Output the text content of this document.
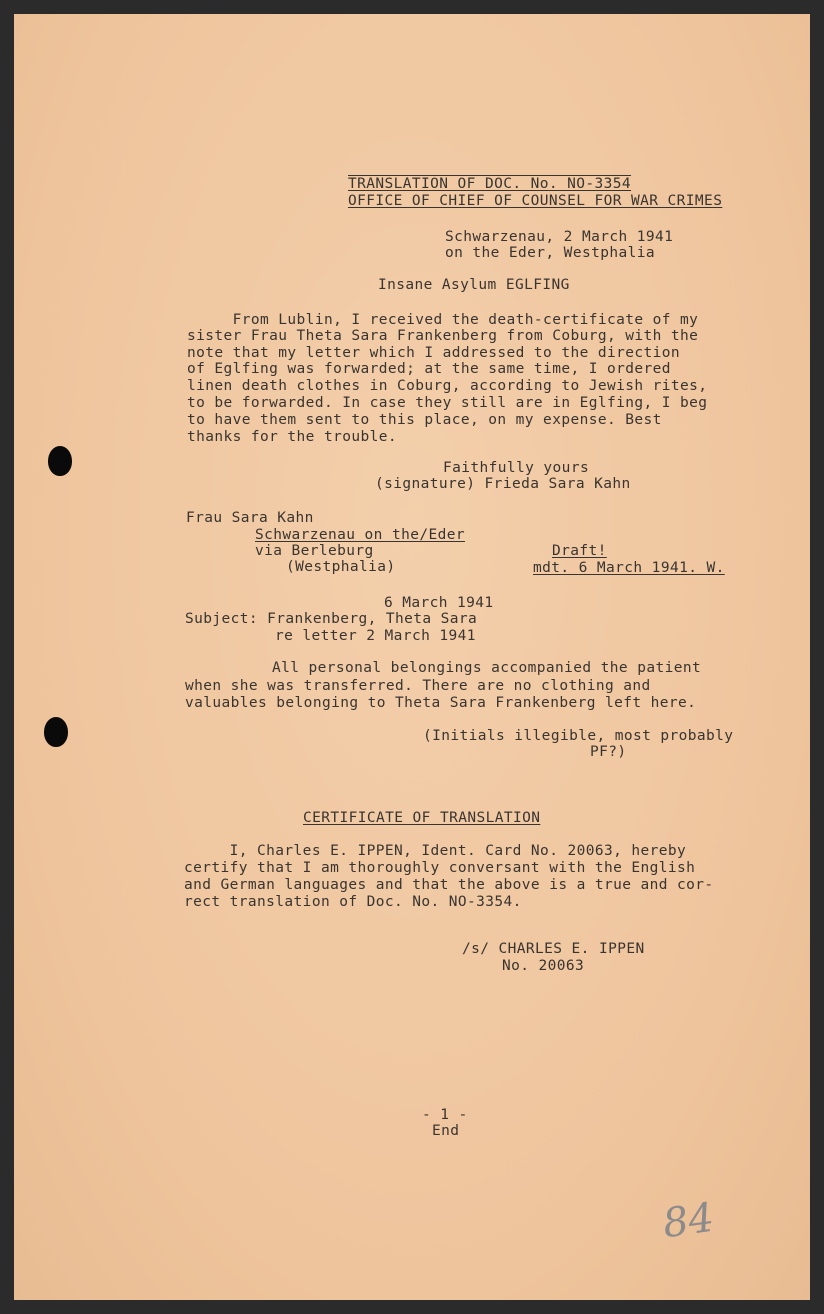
TRANSLATION OF DOC. No. NO-3354
OFFICE OF CHIEF OF COUNSEL FOR WAR CRIMES
Schwarzenau, 2 March 1941
on the Eder, Westphalia
Insane Asylum EGLFING
From Lublin, I received the death-certificate of my
sister Frau Theta Sara Frankenberg from Coburg, with the
note that my letter which I addressed to the direction
of Eglfing was forwarded; at the same time, I ordered
linen death clothes in Coburg, according to Jewish rites,
to be forwarded. In case they still are in Eglfing, I beg
to have them sent to this place, on my expense. Best
thanks for the trouble.
Faithfully yours
(signature) Frieda Sara Kahn
Frau Sara Kahn
Schwarzenau on the/Eder
via Berleburg
(Westphalia)
Draft!
mdt. 6 March 1941. W.
6 March 1941
Subject: Frankenberg, Theta Sara
re letter 2 March 1941
All personal belongings accompanied the patient
when she was transferred. There are no clothing and
valuables belonging to Theta Sara Frankenberg left here.
(Initials illegible, most probably
PF?)
CERTIFICATE OF TRANSLATION
I, Charles E. IPPEN, Ident. Card No. 20063, hereby
certify that I am thoroughly conversant with the English
and German languages and that the above is a true and cor-
rect translation of Doc. No. NO-3354.
/s/ CHARLES E. IPPEN
No. 20063
- 1 -
End
84
